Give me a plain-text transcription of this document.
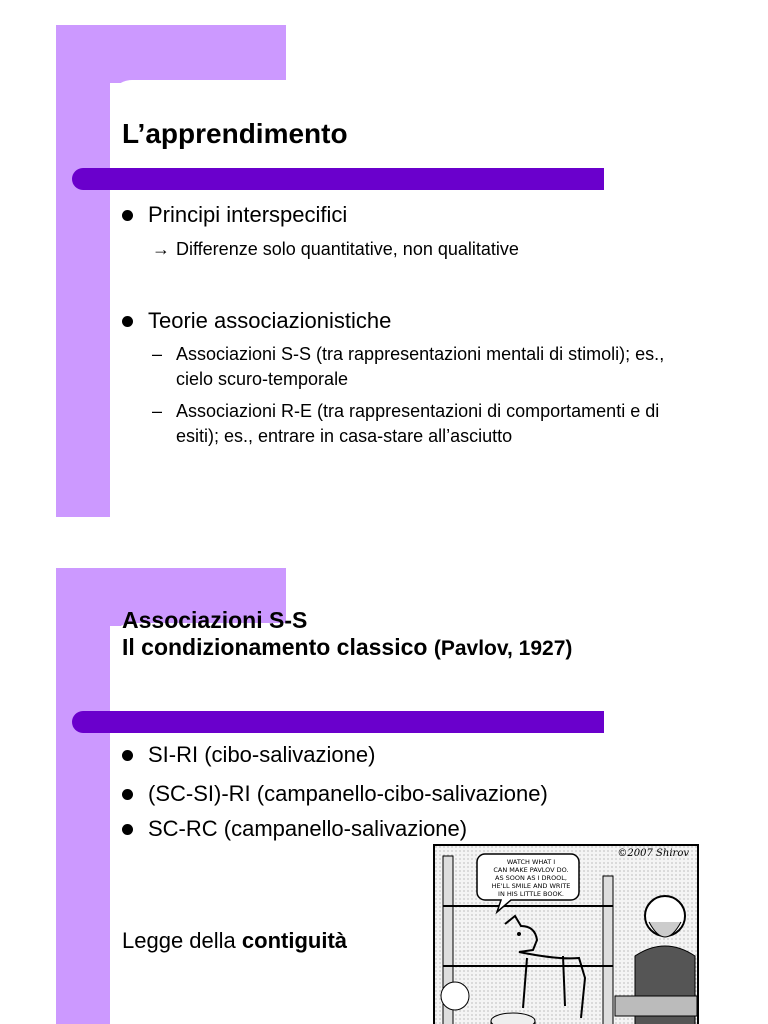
L’apprendimento
Principi interspecifici
→ Differenze solo quantitative, non qualitative
Teorie associazionistiche
– Associazioni S-S (tra rappresentazioni mentali di stimoli); es., cielo scuro-temporale
– Associazioni R-E (tra rappresentazioni di comportamenti e di esiti); es., entrare in casa-stare all’asciutto
Associazioni S-S
Il condizionamento classico (Pavlov, 1927)
SI-RI (cibo-salivazione)
(SC-SI)-RI (campanello-cibo-salivazione)
SC-RC (campanello-salivazione)
Legge della contiguità
©2007 Shirov
WATCH WHAT I
CAN MAKE PAVLOV DO.
AS SOON AS I DROOL,
HE'LL SMILE AND WRITE
IN HIS LITTLE BOOK.
